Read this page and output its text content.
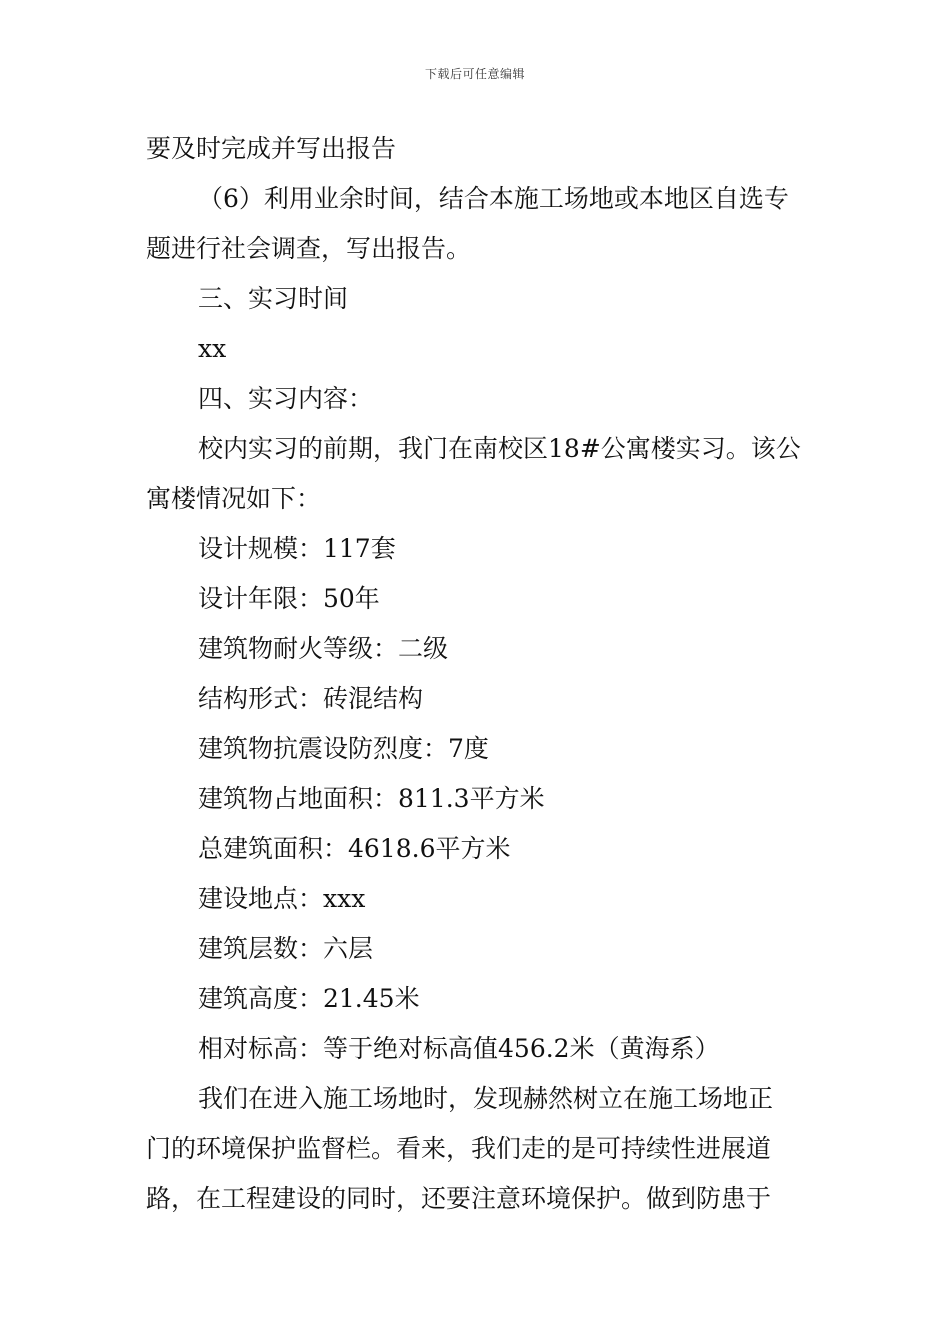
下载后可任意编辑
要及时完成并写出报告
（6）利用业余时间，结合本施工场地或本地区自选专
题进行社会调查，写出报告。
三、实习时间
xx
四、实习内容：
校内实习的前期，我门在南校区18#公寓楼实习。该公
寓楼情况如下：
设计规模：117套
设计年限：50年
建筑物耐火等级：二级
结构形式：砖混结构
建筑物抗震设防烈度：7度
建筑物占地面积：811.3平方米
总建筑面积：4618.6平方米
建设地点：xxx
建筑层数：六层
建筑高度：21.45米
相对标高：等于绝对标高值456.2米（黄海系）
我们在进入施工场地时，发现赫然树立在施工场地正
门的环境保护监督栏。看来，我们走的是可持续性进展道
路，在工程建设的同时，还要注意环境保护。做到防患于
